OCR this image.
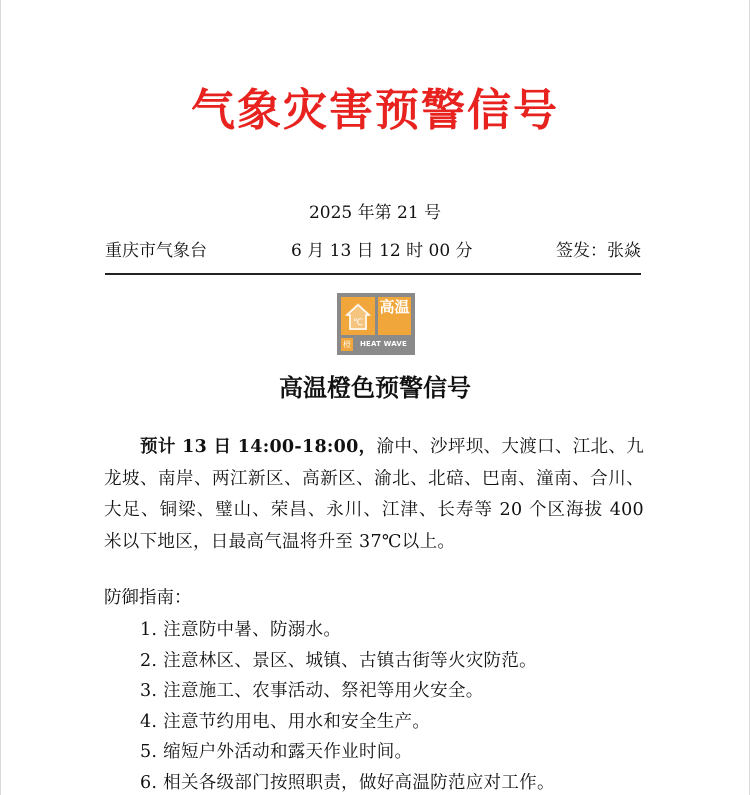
气象灾害预警信号
2025 年第 21 号
重庆市气象台	6 月 13 日 12 时 00 分	签发：张焱
℃
高温
橙	HEAT WAVE
高温橙色预警信号
预计 13 日 14:00-18:00，渝中、沙坪坝、大渡口、江北、九龙坡、南岸、两江新区、高新区、渝北、北碚、巴南、潼南、合川、大足、铜梁、璧山、荣昌、永川、江津、长寿等 20 个区海拔 400 米以下地区，日最高气温将升至 37℃以上。
防御指南：
1. 注意防中暑、防溺水。
2. 注意林区、景区、城镇、古镇古街等火灾防范。
3. 注意施工、农事活动、祭祀等用火安全。
4. 注意节约用电、用水和安全生产。
5. 缩短户外活动和露天作业时间。
6. 相关各级部门按照职责，做好高温防范应对工作。
